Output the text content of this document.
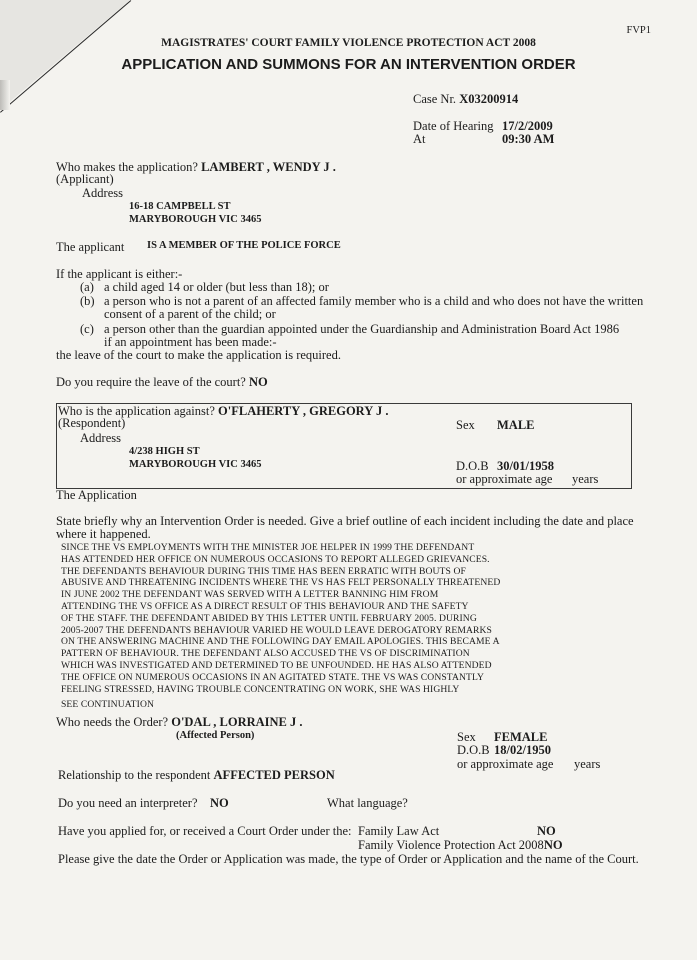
FVP1
MAGISTRATES' COURT FAMILY VIOLENCE PROTECTION ACT 2008
APPLICATION AND SUMMONS FOR AN INTERVENTION ORDER
Case Nr. X03200914
Date of Hearing 17/2/2009
At	09:30 AM
Who makes the application? LAMBERT , WENDY J .
(Applicant)
Address
16-18 CAMPBELL ST
MARYBOROUGH VIC 3465
The applicant IS A MEMBER OF THE POLICE FORCE
If the applicant is either:-
(a) a child aged 14 or older (but less than 18); or
(b) a person who is not a parent of an affected family member who is a child and who does not have the written
consent of a parent of the child; or
(c) a person other than the guardian appointed under the Guardianship and Administration Board Act 1986
if an appointment has been made:-
the leave of the court to make the application is required.
Do you require the leave of the court? NO
Who is the application against? O'FLAHERTY , GREGORY J .
(Respondent)	Sex MALE
Address
4/238 HIGH ST
MARYBOROUGH VIC 3465	D.O.B 30/01/1958
or approximate age years
The Application
State briefly why an Intervention Order is needed. Give a brief outline of each incident including the date and place
where it happened.
SINCE THE VS EMPLOYMENTS WITH THE MINISTER JOE HELPER IN 1999 THE DEFENDANT
HAS ATTENDED HER OFFICE ON NUMEROUS OCCASIONS TO REPORT ALLEGED GRIEVANCES.
THE DEFENDANTS BEHAVIOUR DURING THIS TIME HAS BEEN ERRATIC WITH BOUTS OF
ABUSIVE AND THREATENING INCIDENTS WHERE THE VS HAS FELT PERSONALLY THREATENED
IN JUNE 2002 THE DEFENDANT WAS SERVED WITH A LETTER BANNING HIM FROM
ATTENDING THE VS OFFICE AS A DIRECT RESULT OF THIS BEHAVIOUR AND THE SAFETY
OF THE STAFF. THE DEFENDANT ABIDED BY THIS LETTER UNTIL FEBRUARY 2005. DURING
2005-2007 THE DEFENDANTS BEHAVIOUR VARIED HE WOULD LEAVE DEROGATORY REMARKS
ON THE ANSWERING MACHINE AND THE FOLLOWING DAY EMAIL APOLOGIES. THIS BECAME A
PATTERN OF BEHAVIOUR. THE DEFENDANT ALSO ACCUSED THE VS OF DISCRIMINATION
WHICH WAS INVESTIGATED AND DETERMINED TO BE UNFOUNDED. HE HAS ALSO ATTENDED
THE OFFICE ON NUMEROUS OCCASIONS IN AN AGITATED STATE. THE VS WAS CONSTANTLY
FEELING STRESSED, HAVING TROUBLE CONCENTRATING ON WORK, SHE WAS HIGHLY
SEE CONTINUATION
Who needs the Order? O'DAL , LORRAINE J .
(Affected Person)	Sex FEMALE
D.O.B 18/02/1950
or approximate age years
Relationship to the respondent AFFECTED PERSON
Do you need an interpreter? NO	What language?
Have you applied for, or received a Court Order under the: Family Law Act	NO
Family Violence Protection Act 2008NO
Please give the date the Order or Application was made, the type of Order or Application and the name of the Court.
